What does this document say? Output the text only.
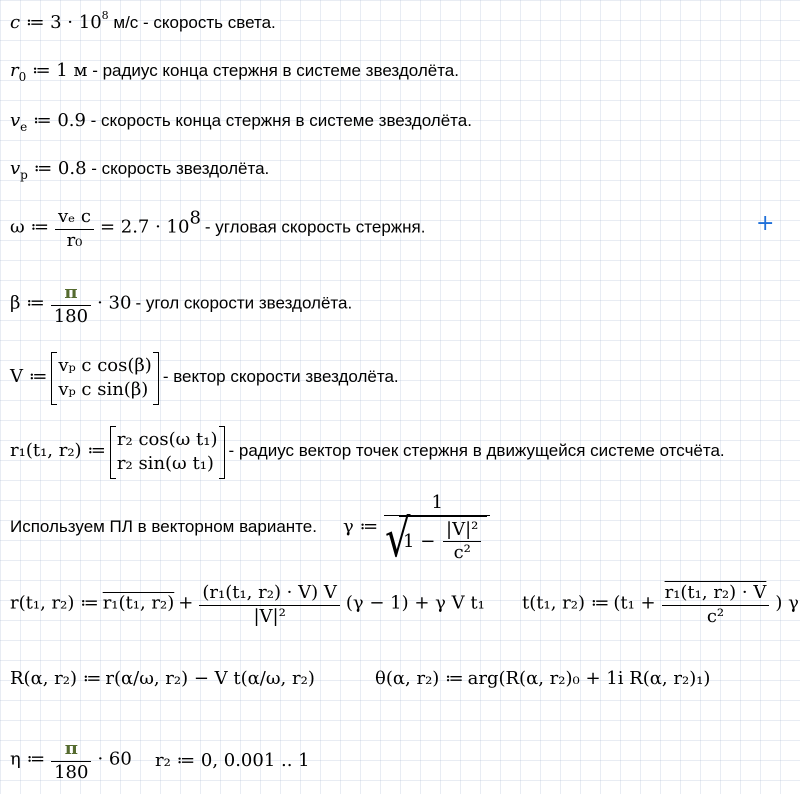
c ≔ $3 \cdot 10^8$ м/с - скорость света.
$r_0$ ≔ 1 м - радиус конца стержня в системе звездолёта.
$v_e$ ≔ 0.9 - скорость конца стержня в системе звездолёта.
$v_p$ ≔ 0.8 - скорость звездолёта.
ω ≔ $\frac{\text{vₑ c}}{\text{r₀}} = 2.7 \cdot 10^8$ - угловая скорость стержня.
β ≔ $\frac{\pi}{180} \cdot 30$ - угол скорости звездолёта.
V ≔
vₚ c cos(β)
vₚ c sin(β)
- вектор скорости звездолёта.
r₁(t₁, r₂) ≔
r₂ cos(ω t₁)
r₂ sin(ω t₁)
- радиус вектор точек стержня в движущейся системе отсчёта.
Используем ПЛ в векторном варианте. γ ≔ 1
√ $1 - \frac{\text{|V|²}}{\text{c²}}$
r(t₁, r₂) ≔ r₁(t₁, $r_2) + \frac{\text{(r₁(t₁, r₂) · V) V}}{\text{|V|²}} (\gamma - 1) + \gamma$ V t₁ t(t₁, r₂) ≔ ($t_1 + \frac{\text{r₁(t₁, r₂) · V}}{\text{c²}}$ ) γ
R(α, r₂) ≔ r(α/ω, r₂) − V t(α/ω, r₂)	θ(α, r₂) ≔ arg(R(α, r₂)₀ + 1i R(α, r₂)₁)
η ≔ $\frac{\pi}{180} \cdot 60$ r₂ ≔ 0, 0.001 .. 1
+
